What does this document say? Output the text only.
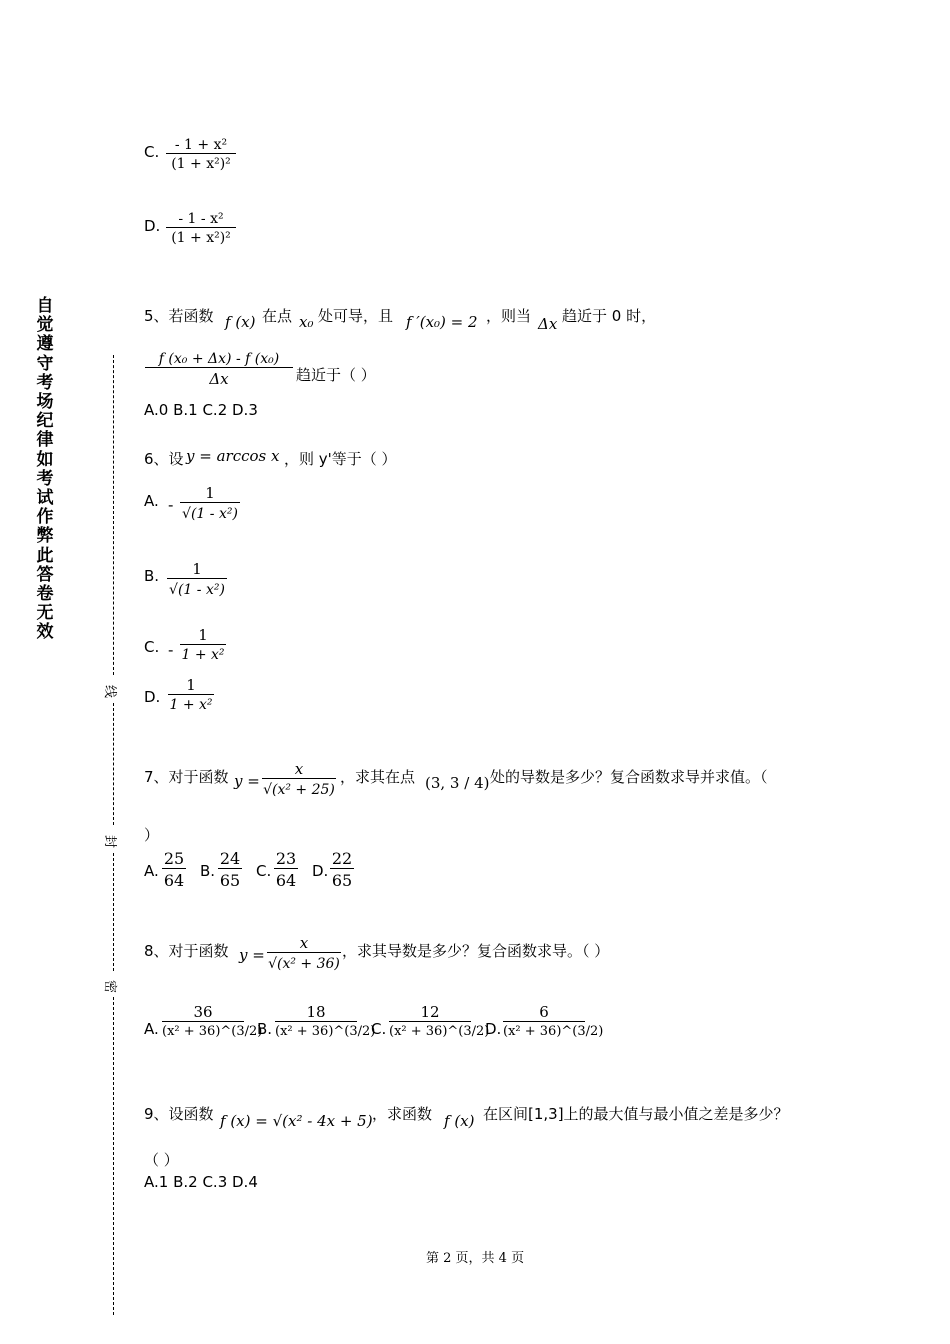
自觉遵守考场纪律如考试作弊此答卷无效
线
封
密
C.	- 1 + x²
(1 + x²)²
D.	- 1 - x²
(1 + x²)²
5、若函数 f (x) 在点 x₀ 处可导，且 f ′(x₀) = 2 ，则当 Δx 趋近于 0 时，
f (x₀ + Δx) - f (x₀)
Δx	趋近于（ ）
A.0 B.1 C.2 D.3
6、设 y = arccos x ，则 y'等于（ ）
A. -
1
√(1 - x²)
B.	1
√(1 - x²)
C. -
1
1 + x²
D.
1
1 + x²
7、对于函数 y =
x
√(x² + 25)
，求其在点 (3, 3 / 4) 处的导数是多少？复合函数求导并求值。（
）
A.
25
64 B.
24
65 C.
23
64 D.
22
65
8、对于函数 y =
x
√(x² + 36)
，求其导数是多少？复合函数求导。（ ）
A.
36
(x² + 36)^(3/2)
B.
18
(x² + 36)^(3/2)
C.
12
(x² + 36)^(3/2)
D.
6
(x² + 36)^(3/2)
9、设函数 f (x) = √(x² - 4x + 5) ，求函数 f (x) 在区间[1,3]上的最大值与最小值之差是多少？
（ ）
A.1 B.2 C.3 D.4
第 2 页，共 4 页
